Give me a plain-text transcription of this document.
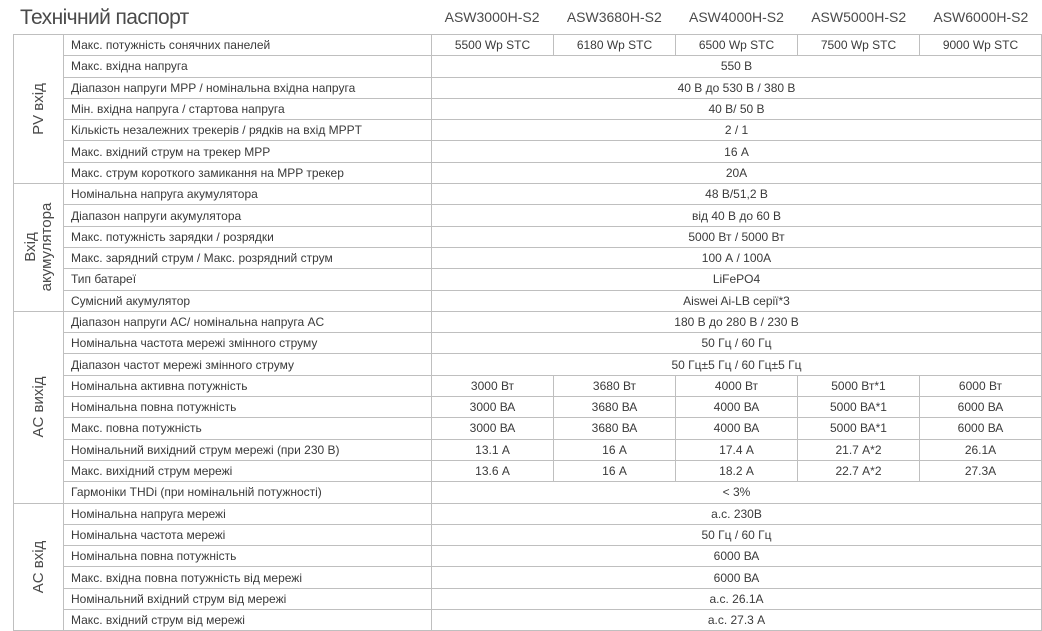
Технічний паспорт	ASW3000H-S2	ASW3680H-S2	ASW4000H-S2	ASW5000H-S2	ASW6000H-S2
PV вхід	Макс. потужність сонячних панелей	5500 Wp STC	6180 Wp STC	6500 Wp STC	7500 Wp STC	9000 Wp STC
	Макс. вхідна напруга	550 В				
	Діапазон напруги MPP / номінальна вхідна напруга	40 В до 530 В / 380 В				
	Мін. вхідна напруга / стартова напруга	40 В/ 50 В				
	Кількість незалежних трекерів / рядків на вхід MPPT	2 / 1				
	Макс. вхідний струм на трекер MPP	16 А				
	Макс. струм короткого замикання на MPP трекер	20А				

Вхід акумулятора	Номінальна напруга акумулятора	48 В/51,2 В				
	Діапазон напруги акумулятора	від 40 В до 60 В				
	Макс. потужність зарядки / розрядки	5000 Вт / 5000 Вт				
	Макс. зарядний струм / Макс. розрядний струм	100 А / 100А				
	Тип батареї	LiFePO4				
	Сумісний акумулятор	Aiswei Ai-LB серії*3				

AC вихід	Діапазон напруги AC/ номінальна напруга AC	180 В до 280 В / 230 В				
	Номінальна частота мережі змінного струму	50 Гц / 60 Гц				
	Діапазон частот мережі змінного струму	50 Гц±5 Гц / 60 Гц±5 Гц				
	Номінальна активна потужність	3000 Вт	3680 Вт	4000 Вт	5000 Вт*1	6000 Вт
	Номінальна повна потужність	3000 ВА	3680 ВА	4000 ВА	5000 ВА*1	6000 ВА
	Макс. повна потужність	3000 ВА	3680 ВА	4000 ВА	5000 ВА*1	6000 ВА
	Номінальний вихідний струм мережі (при 230 В)	13.1 А	16 А	17.4 А	21.7 А*2	26.1А
	Макс. вихідний струм мережі	13.6 А	16 А	18.2 А	22.7 А*2	27.3А
	Гармоніки THDi (при номінальній потужності)	< 3%				

AC вхід	Номінальна напруга мережі	а.с. 230В				
	Номінальна частота мережі	50 Гц / 60 Гц				
	Номінальна повна потужність	6000 ВА				
	Макс. вхідна повна потужність від мережі	6000 ВА				
	Номінальний вхідний струм від мережі	a.c. 26.1А				
	Макс. вхідний струм від мережі	a.c. 27.3 А				
